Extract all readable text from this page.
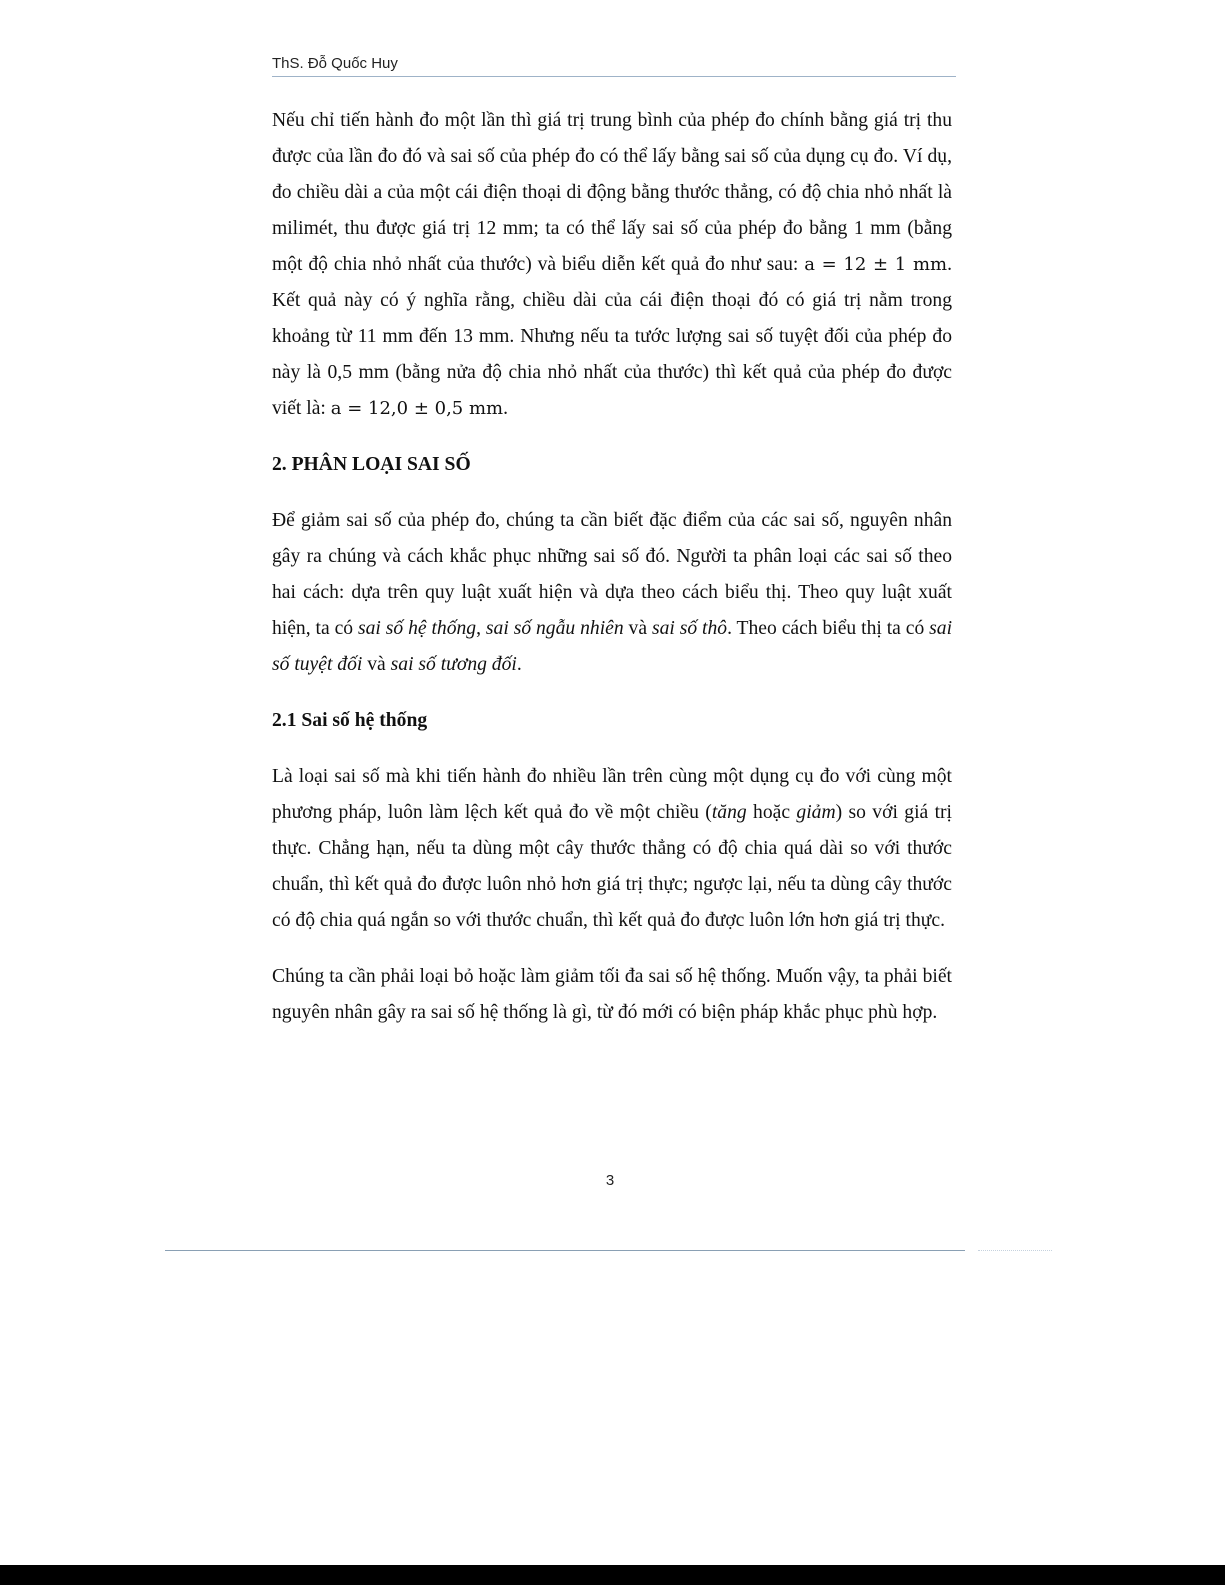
ThS. Đỗ Quốc Huy

Nếu chỉ tiến hành đo một lần thì giá trị trung bình của phép đo chính bằng giá trị thu được của lần đo đó và sai số của phép đo có thể lấy bằng sai số của dụng cụ đo. Ví dụ, đo chiều dài a của một cái điện thoại di động bằng thước thẳng, có độ chia nhỏ nhất là milimét, thu được giá trị 12 mm; ta có thể lấy sai số của phép đo bằng 1 mm (bằng một độ chia nhỏ nhất của thước) và biểu diễn kết quả đo như sau: a = 12 ± 1 mm. Kết quả này có ý nghĩa rằng, chiều dài của cái điện thoại đó có giá trị nằm trong khoảng từ 11 mm đến 13 mm. Nhưng nếu ta tước lượng sai số tuyệt đối của phép đo này là 0,5 mm (bằng nửa độ chia nhỏ nhất của thước) thì kết quả của phép đo được viết là: a = 12,0 ± 0,5 mm.

2. PHÂN LOẠI SAI SỐ

Để giảm sai số của phép đo, chúng ta cần biết đặc điểm của các sai số, nguyên nhân gây ra chúng và cách khắc phục những sai số đó. Người ta phân loại các sai số theo hai cách: dựa trên quy luật xuất hiện và dựa theo cách biểu thị. Theo quy luật xuất hiện, ta có sai số hệ thống, sai số ngẫu nhiên và sai số thô. Theo cách biểu thị ta có sai số tuyệt đối và sai số tương đối.

2.1 Sai số hệ thống

Là loại sai số mà khi tiến hành đo nhiều lần trên cùng một dụng cụ đo với cùng một phương pháp, luôn làm lệch kết quả đo về một chiều (tăng hoặc giảm) so với giá trị thực. Chẳng hạn, nếu ta dùng một cây thước thẳng có độ chia quá dài so với thước chuẩn, thì kết quả đo được luôn nhỏ hơn giá trị thực; ngược lại, nếu ta dùng cây thước có độ chia quá ngắn so với thước chuẩn, thì kết quả đo được luôn lớn hơn giá trị thực.

Chúng ta cần phải loại bỏ hoặc làm giảm tối đa sai số hệ thống. Muốn vậy, ta phải biết nguyên nhân gây ra sai số hệ thống là gì, từ đó mới có biện pháp khắc phục phù hợp.

3
